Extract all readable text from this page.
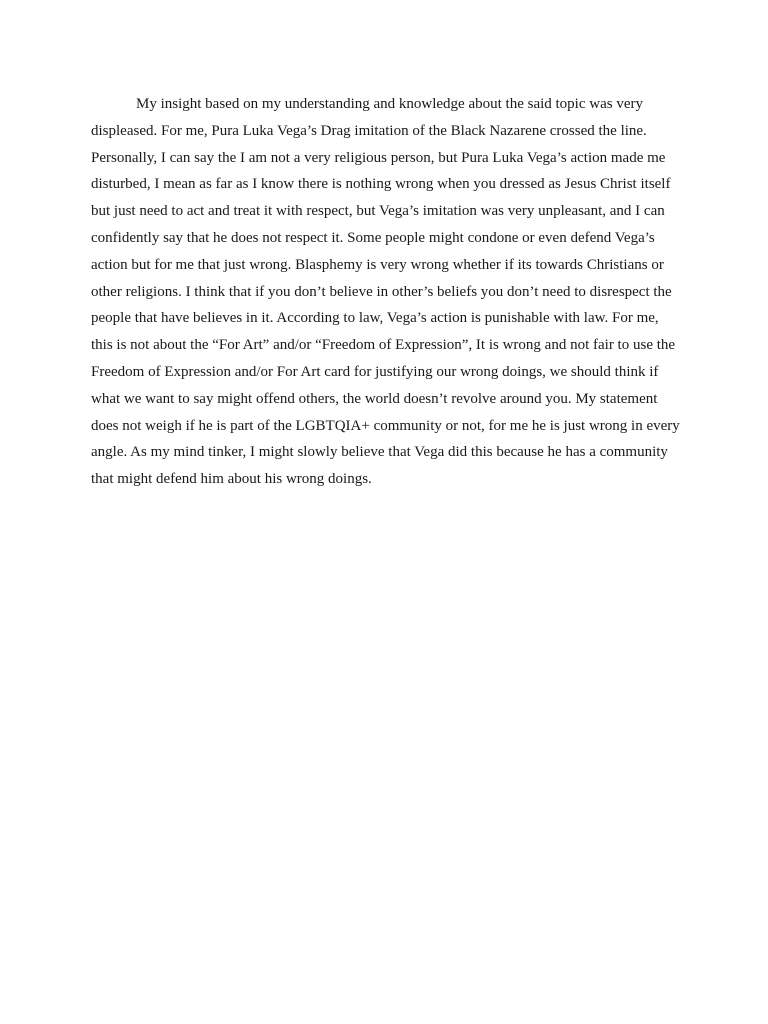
My insight based on my understanding and knowledge about the said topic was very displeased. For me, Pura Luka Vega’s Drag imitation of the Black Nazarene crossed the line. Personally, I can say the I am not a very religious person, but Pura Luka Vega’s action made me disturbed, I mean as far as I know there is nothing wrong when you dressed as Jesus Christ itself but just need to act and treat it with respect, but Vega’s imitation was very unpleasant, and I can confidently say that he does not respect it. Some people might condone or even defend Vega’s action but for me that just wrong. Blasphemy is very wrong whether if its towards Christians or other religions. I think that if you don’t believe in other’s beliefs you don’t need to disrespect the people that have believes in it. According to law, Vega’s action is punishable with law. For me, this is not about the “For Art” and/or “Freedom of Expression”, It is wrong and not fair to use the Freedom of Expression and/or For Art card for justifying our wrong doings, we should think if what we want to say might offend others, the world doesn’t revolve around you. My statement does not weigh if he is part of the LGBTQIA+ community or not, for me he is just wrong in every angle. As my mind tinker, I might slowly believe that Vega did this because he has a community that might defend him about his wrong doings.
